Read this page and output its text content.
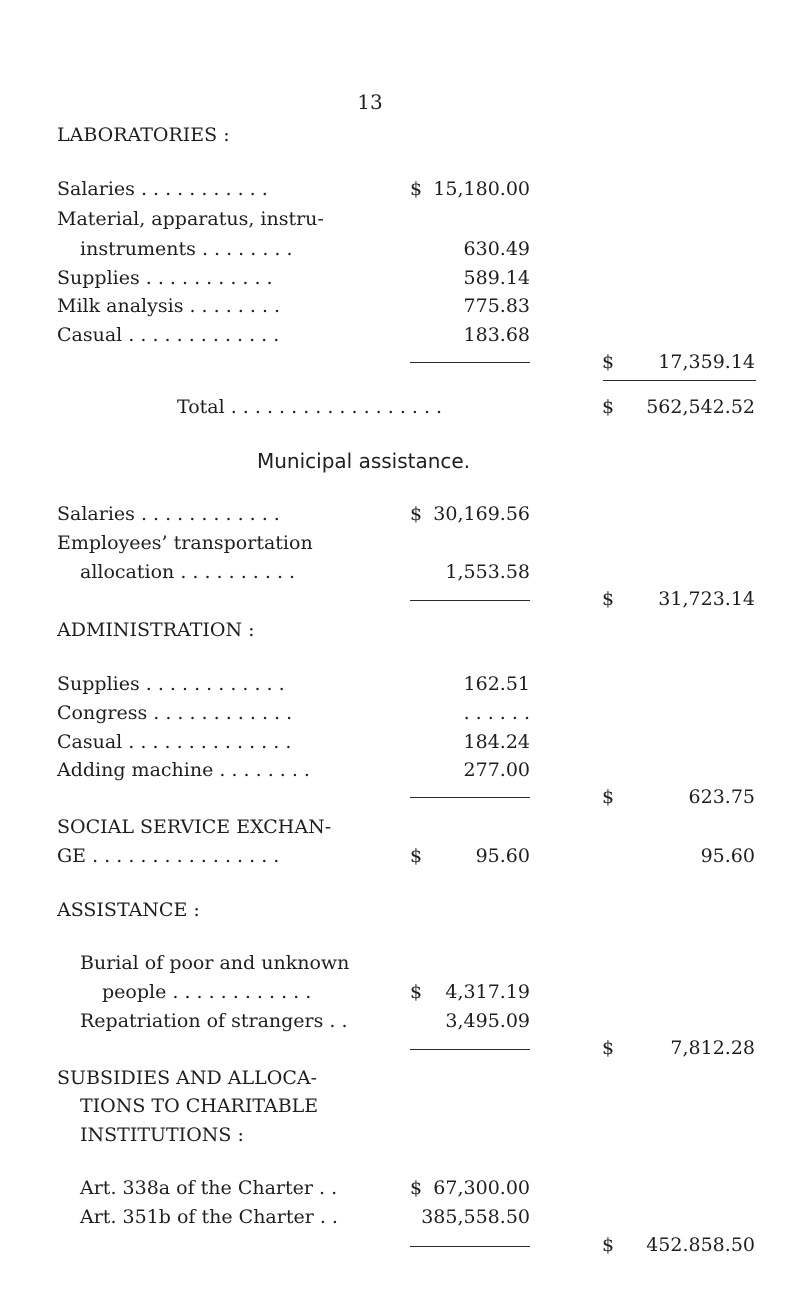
13
LABORATORIES :
Salaries . . . . . . . . . . .	$ 15,180.00
Material, apparatus, instru-
instruments . . . . . . . .	630.49
Supplies . . . . . . . . . . .	589.14
Milk analysis . . . . . . . .	775.83
Casual . . . . . . . . . . . . .	183.68
$ 17,359.14
Total . . . . . . . . . . . . . . . . . .	$ 562,542.52
Municipal assistance.
Salaries . . . . . . . . . . . .	$ 30,169.56
Employees’ transportation
allocation . . . . . . . . . .	1,553.58
$ 31,723.14
ADMINISTRATION :
Supplies . . . . . . . . . . . .	162.51
Congress . . . . . . . . . . . .	. . . . . .
Casual . . . . . . . . . . . . . .	184.24
Adding machine . . . . . . . .	277.00
$	623.75
SOCIAL SERVICE EXCHAN-
GE . . . . . . . . . . . . . . . .	$	95.60	95.60
ASSISTANCE :
Burial of poor and unknown
people . . . . . . . . . . . .	$ 4,317.19
Repatriation of strangers . .	3,495.09
$	7,812.28
SUBSIDIES AND ALLOCA-
TIONS TO CHARITABLE
INSTITUTIONS :
Art. 338a of the Charter . .	$ 67,300.00
Art. 351b of the Charter . .	385,558.50
$ 452.858.50
